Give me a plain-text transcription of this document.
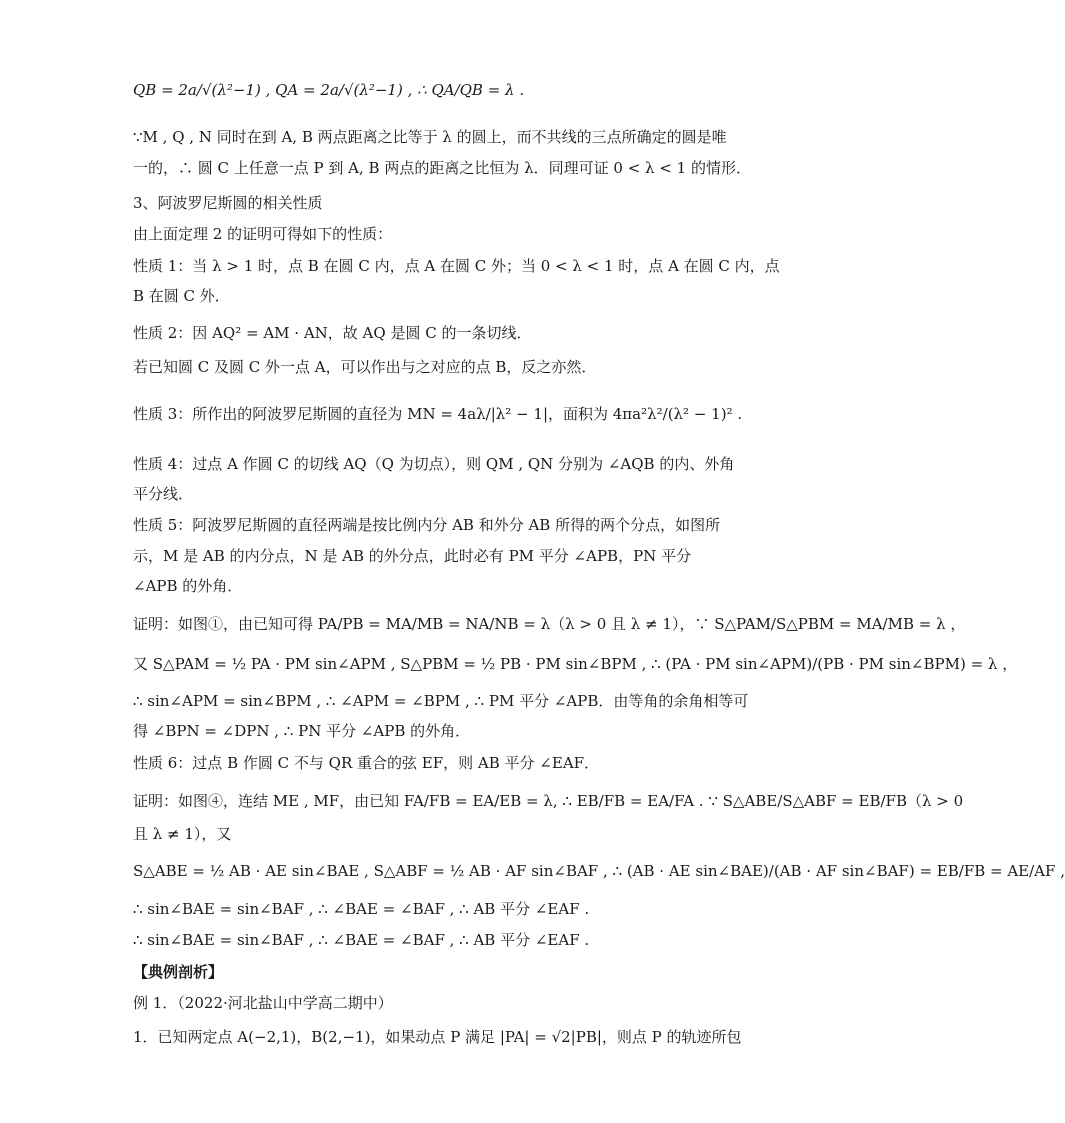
QB = 2a/√(λ²−1) , QA = 2a/√(λ²−1) , ∴ QA/QB = λ .
∵M , Q , N 同时在到 A, B 两点距离之比等于 λ 的圆上，而不共线的三点所确定的圆是唯
一的，∴ 圆 C 上任意一点 P 到 A, B 两点的距离之比恒为 λ．同理可证 0 < λ < 1 的情形．
3、阿波罗尼斯圆的相关性质
由上面定理 2 的证明可得如下的性质：
性质 1：当 λ > 1 时，点 B 在圆 C 内，点 A 在圆 C 外；当 0 < λ < 1 时，点 A 在圆 C 内，点
B 在圆 C 外．
性质 2：因 AQ² = AM · AN，故 AQ 是圆 C 的一条切线．
若已知圆 C 及圆 C 外一点 A，可以作出与之对应的点 B，反之亦然．
性质 3：所作出的阿波罗尼斯圆的直径为 MN = 4aλ/|λ² − 1|，面积为 4πa²λ²/(λ² − 1)² .
性质 4：过点 A 作圆 C 的切线 AQ（Q 为切点），则 QM , QN 分别为 ∠AQB 的内、外角
平分线．
性质 5：阿波罗尼斯圆的直径两端是按比例内分 AB 和外分 AB 所得的两个分点，如图所
示，M 是 AB 的内分点，N 是 AB 的外分点，此时必有 PM 平分 ∠APB，PN 平分
∠APB 的外角．
证明：如图①，由已知可得 PA/PB = MA/MB = NA/NB = λ（λ > 0 且 λ ≠ 1），∵ S△PAM/S△PBM = MA/MB = λ ，
又 S△PAM = ½ PA · PM sin∠APM , S△PBM = ½ PB · PM sin∠BPM , ∴ (PA · PM sin∠APM)/(PB · PM sin∠BPM) = λ ，
∴ sin∠APM = sin∠BPM , ∴ ∠APM = ∠BPM , ∴ PM 平分 ∠APB．由等角的余角相等可
得 ∠BPN = ∠DPN , ∴ PN 平分 ∠APB 的外角．
性质 6：过点 B 作圆 C 不与 QR 重合的弦 EF，则 AB 平分 ∠EAF．
证明：如图④，连结 ME , MF，由已知 FA/FB = EA/EB = λ, ∴ EB/FB = EA/FA . ∵ S△ABE/S△ABF = EB/FB（λ > 0
且 λ ≠ 1），又
S△ABE = ½ AB · AE sin∠BAE , S△ABF = ½ AB · AF sin∠BAF , ∴ (AB · AE sin∠BAE)/(AB · AF sin∠BAF) = EB/FB = AE/AF ,
∴ sin∠BAE = sin∠BAF , ∴ ∠BAE = ∠BAF , ∴ AB 平分 ∠EAF .
∴ sin∠BAE = sin∠BAF , ∴ ∠BAE = ∠BAF , ∴ AB 平分 ∠EAF .
【典例剖析】
例 1．（2022·河北盐山中学高二期中）
1．已知两定点 A(−2,1)，B(2,−1)，如果动点 P 满足 |PA| = √2|PB|，则点 P 的轨迹所包
